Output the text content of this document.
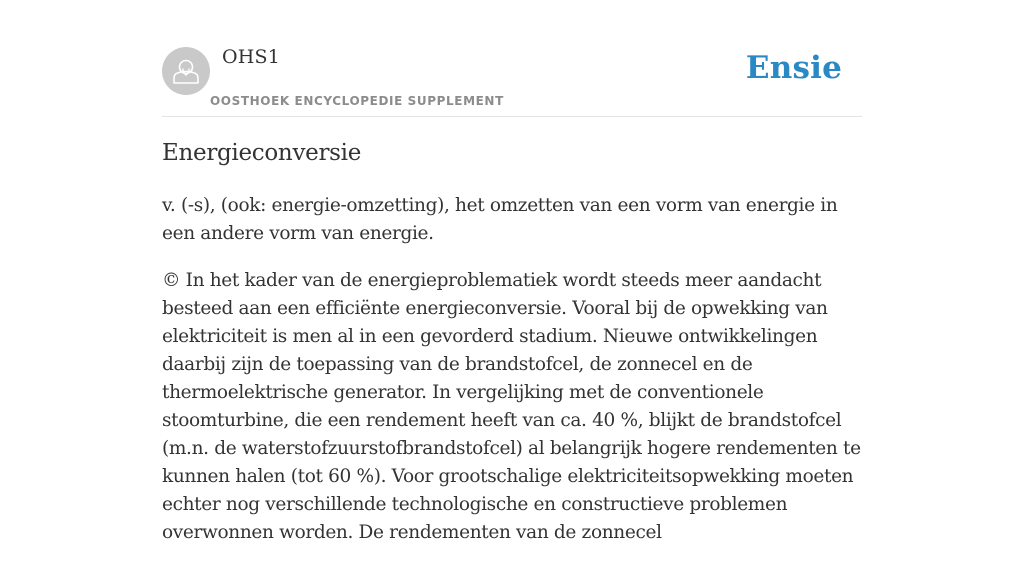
OHS1
OOSTHOEK ENCYCLOPEDIE SUPPLEMENT
Ensie
Energieconversie

v. (-s), (ook: energie-omzetting), het omzetten van een vorm van energie in een andere vorm van energie.

© In het kader van de energieproblematiek wordt steeds meer aandacht besteed aan een efficiënte energieconversie. Vooral bij de opwekking van elektriciteit is men al in een gevorderd stadium. Nieuwe ontwikkelingen daarbij zijn de toepassing van de brandstofcel, de zonnecel en de thermoelektrische generator. In vergelijking met de conventionele stoomturbine, die een rendement heeft van ca. 40 %, blijkt de brandstofcel (m.n. de waterstofzuurstofbrandstofcel) al belangrijk hogere rendementen te kunnen halen (tot 60 %). Voor grootschalige elektriciteitsopwekking moeten echter nog verschillende technologische en constructieve problemen overwonnen worden. De rendementen van de zonnecel
